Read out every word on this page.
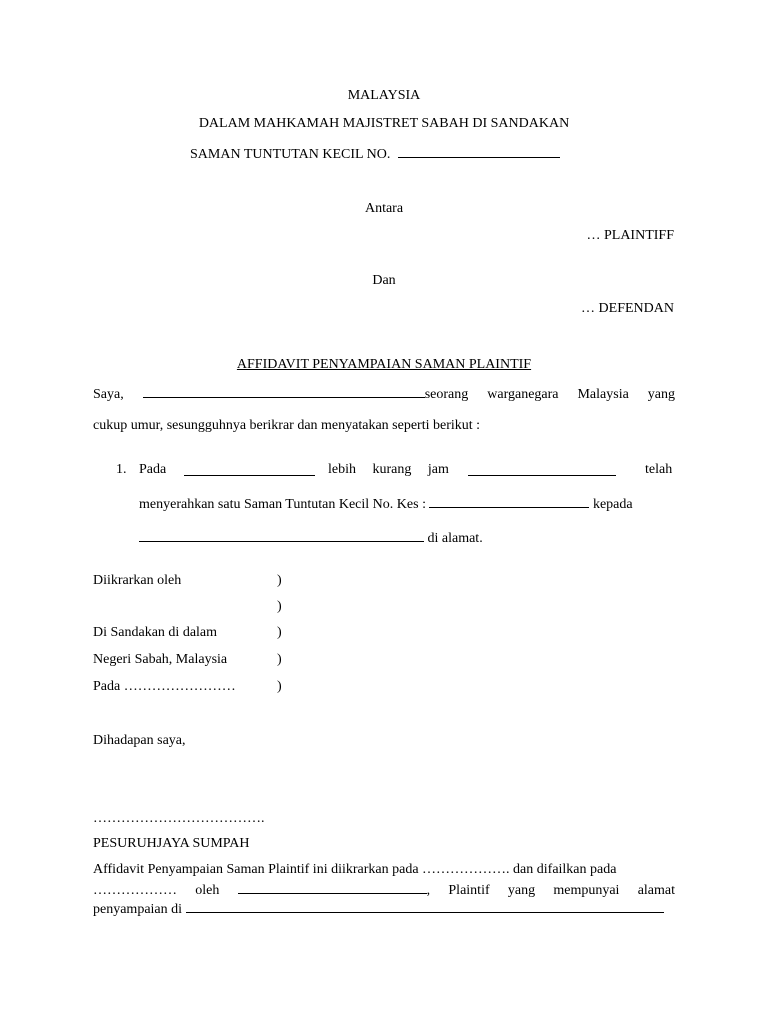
MALAYSIA
DALAM MAHKAMAH MAJISTRET SABAH DI SANDAKAN
SAMAN TUNTUTAN KECIL NO.
Antara
… PLAINTIFF
Dan
… DEFENDAN
AFFIDAVIT PENYAMPAIAN SAMAN PLAINTIF
Saya,	seorang warganegara Malaysia yang
cukup umur, sesungguhnya berikrar dan menyatakan seperti berikut :
1. Pada	lebih kurang jam	telah
menyerahkan satu Saman Tuntutan Kecil No. Kes :	kepada
di alamat.
Diikrarkan oleh	)
)
Di Sandakan di dalam	)
Negeri Sabah, Malaysia	)
Pada ……………………	)
Dihadapan saya,
……………………………….
PESURUHJAYA SUMPAH
Affidavit Penyampaian Saman Plaintif ini diikrarkan pada ………………. dan difailkan pada
……………… oleh	, Plaintif yang mempunyai alamat
penyampaian di
